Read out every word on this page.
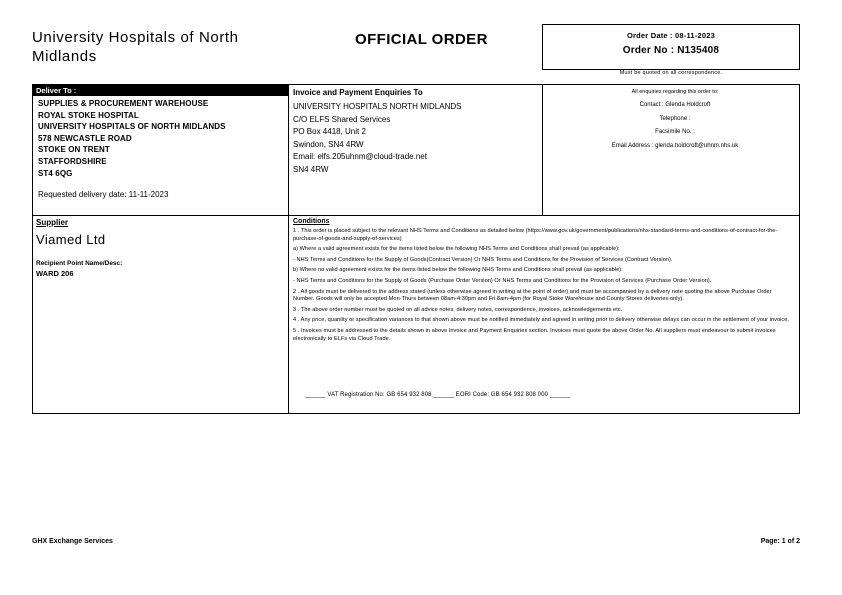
University Hospitals of North Midlands
OFFICIAL ORDER	Order Date : 08-11-2023
Order No : N135408
Must be quoted on all correspondence.
Deliver To :
SUPPLIES & PROCUREMENT WAREHOUSE
ROYAL STOKE HOSPITAL
UNIVERSITY HOSPITALS OF NORTH MIDLANDS
578 NEWCASTLE ROAD
STOKE ON TRENT
STAFFORDSHIRE
ST4 6QG
Requested delivery date: 11-11-2023
Invoice and Payment Enquiries To
UNIVERSITY HOSPITALS NORTH MIDLANDS
C/O ELFS Shared Services
PO Box 4418, Unit 2
Swindon, SN4 4RW
Email: elfs.205uhnm@cloud-trade.net
SN4 4RW
All enquiries regarding this order to:
Contact : Glenda Holdcroft
Telephone :
Facsimile No. :
Email Address : glenda.holdcroft@uhnm.nhs.uk
Supplier
Viamed Ltd
Recipient Point Name/Desc:
WARD 206
Conditions

1 . This order is placed subject to the relevant NHS Terms and Conditions as detailed below (https://www.gov.uk/government/publications/nhs-standard-terms-and-conditions-of-contract-for-the-purchase-of-goods-and-supply-of-services)

a) Where a valid agreement exists for the items listed below the following NHS Terms and Conditions shall prevail (as applicable):

- NHS Terms and Conditions for the Supply of Goods(Contract Version) Or NHS Terms and Conditions for the Provision of Services (Contract Version).

b) Where no valid agreement exists for the items listed below the following NHS Terms and Conditions shall prevail (as applicable):

- NHS Terms and Conditions for the Supply of Goods (Purchase Order Version) Or NHS Terms and Conditions for the Provision of Services (Purchase Order Version).

2 . All goods must be delivered to the address stated (unless otherwise agreed in writing at the point of order) and must be accompanied by a delivery note quoting the above Purchase Order Number. Goods will only be accepted Mon-Thurs between 08am-4:30pm and Fri 8am-4pm (for Royal Stoke Warehouse and County Stores deliveries only).

3 . The above order number must be quoted on all advice notes, delivery notes, correspondence, invoices, acknowledgements etc.

4 . Any price, quantity or specification variances to that shown above must be notified immediately and agreed in writing prior to delivery otherwise delays can occur in the settlement of your invoice.

5 . Invoices must be addressed to the details shown in above Invoice and Payment Enquiries section. Invoices must quote the above Order No. All suppliers must endeavour to submit invoices electronically to ELFs via Cloud Trade.

______ VAT Registration No: GB 654 932 808 ______ EORI Code: GB 654 932 808 000 ______
GHX Exchange Services	Page: 1 of 2
